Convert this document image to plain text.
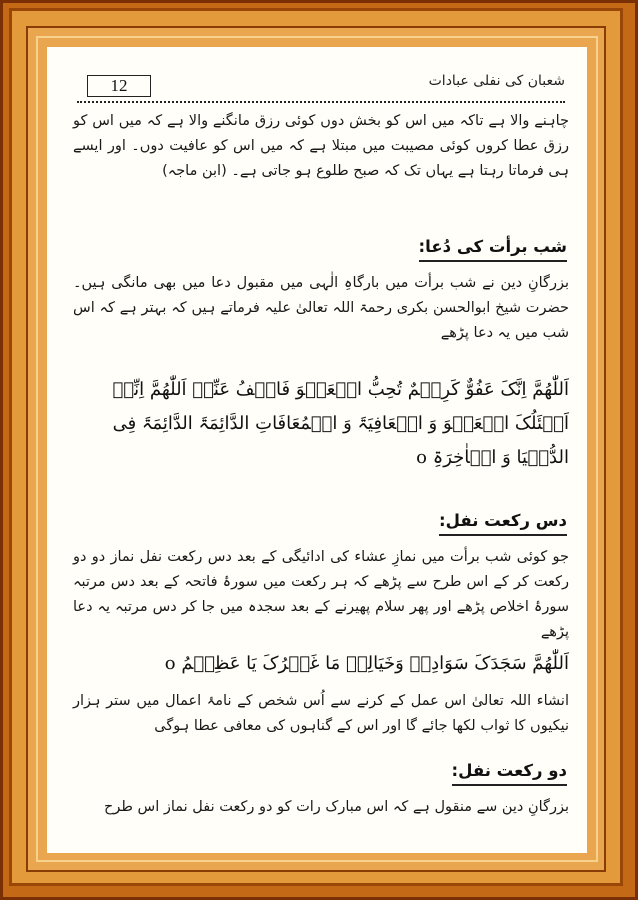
12	شعبان کی نفلی عبادات
چاہنے والا ہے تاکہ میں اس کو بخش دوں کوئی رزق مانگنے والا ہے کہ میں اس کو رزق عطا کروں کوئی مصیبت میں مبتلا ہے کہ میں اس کو عافیت دوں۔ اور ایسے ہی فرماتا رہتا ہے یہاں تک کہ صبح طلوع ہو جاتی ہے۔ (ابن ماجہ)
شب برأت کی دُعا:
بزرگانِ دین نے شب برأت میں بارگاہِ الٰہی میں مقبول دعا میں بھی مانگی ہیں۔ حضرت شیخ ابوالحسن بکری رحمۃ اللہ تعالیٰ علیہ فرماتے ہیں کہ بہتر ہے کہ اس شب میں یہ دعا پڑھے
اَللّٰھُمَّ اِنَّکَ عَفُوٌّ کَرِیۡمٌ تُحِبُّ الۡعَفۡوَ فَاعۡفُ عَنِّیۡ اَللّٰھُمَّ اِنِّیۡ اَسۡئَلُکَ الۡعَفۡوَ وَ الۡعَافِیَۃَ وَ الۡمُعَافَاتِ الدَّائِمَۃَ الدَّائِمَۃَ فِی الدُّنۡیَا وَ الۡاٰخِرَۃِ o
دس رکعت نفل:
جو کوئی شب برأت میں نمازِ عشاء کی ادائیگی کے بعد دس رکعت نفل نماز دو دو رکعت کر کے اس طرح سے پڑھے کہ ہر رکعت میں سورۂ فاتحہ کے بعد دس مرتبہ سورۂ اخلاص پڑھے اور پھر سلام پھیرنے کے بعد سجدہ میں جا کر دس مرتبہ یہ دعا پڑھے
اَللّٰھُمَّ سَجَدَکَ سَوَادِیۡ وَخَیَالِیۡ مَا غَیۡرُکَ یَا عَظِیۡمُ o
انشاء اللہ تعالیٰ اس عمل کے کرنے سے اُس شخص کے نامۂ اعمال میں ستر ہزار نیکیوں کا ثواب لکھا جائے گا اور اس کے گناہوں کی معافی عطا ہوگی
دو رکعت نفل:
بزرگانِ دین سے منقول ہے کہ اس مبارک رات کو دو رکعت نفل نماز اس طرح
